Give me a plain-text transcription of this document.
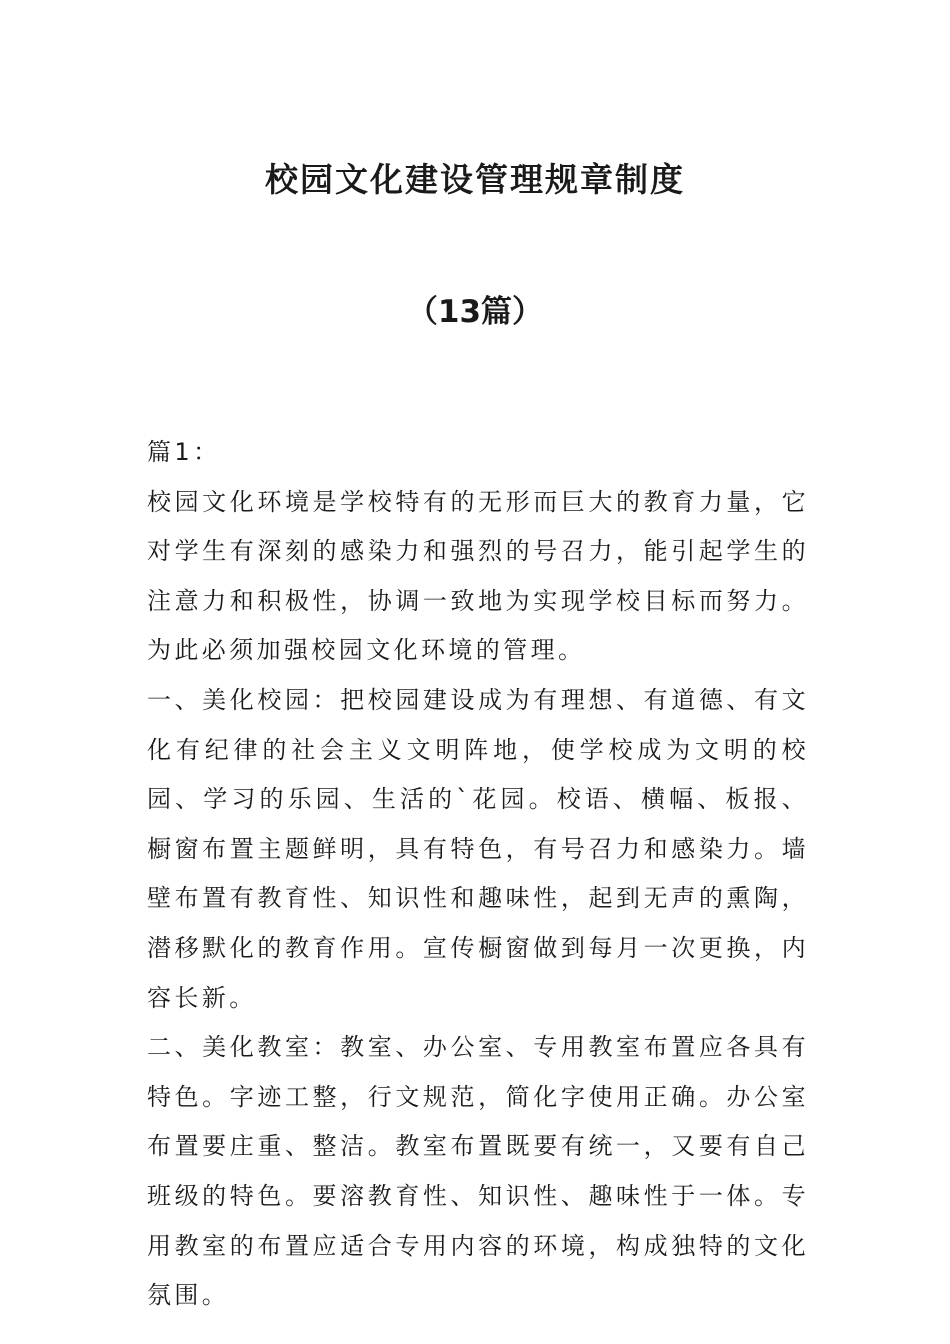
校园文化建设管理规章制度
（13篇）

篇1：

校园文化环境是学校特有的无形而巨大的教育力量，它对学生有深刻的感染力和强烈的号召力，能引起学生的注意力和积极性，协调一致地为实现学校目标而努力。为此必须加强校园文化环境的管理。

一、美化校园：把校园建设成为有理想、有道德、有文化有纪律的社会主义文明阵地，使学校成为文明的校园、学习的乐园、生活的`花园。校语、横幅、板报、橱窗布置主题鲜明，具有特色，有号召力和感染力。墙壁布置有教育性、知识性和趣味性，起到无声的熏陶，潜移默化的教育作用。宣传橱窗做到每月一次更换，内容长新。

二、美化教室：教室、办公室、专用教室布置应各具有特色。字迹工整，行文规范，简化字使用正确。办公室布置要庄重、整洁。教室布置既要有统一，又要有自己班级的特色。要溶教育性、知识性、趣味性于一体。专用教室的布置应适合专用内容的环境，构成独特的文化氛围。
